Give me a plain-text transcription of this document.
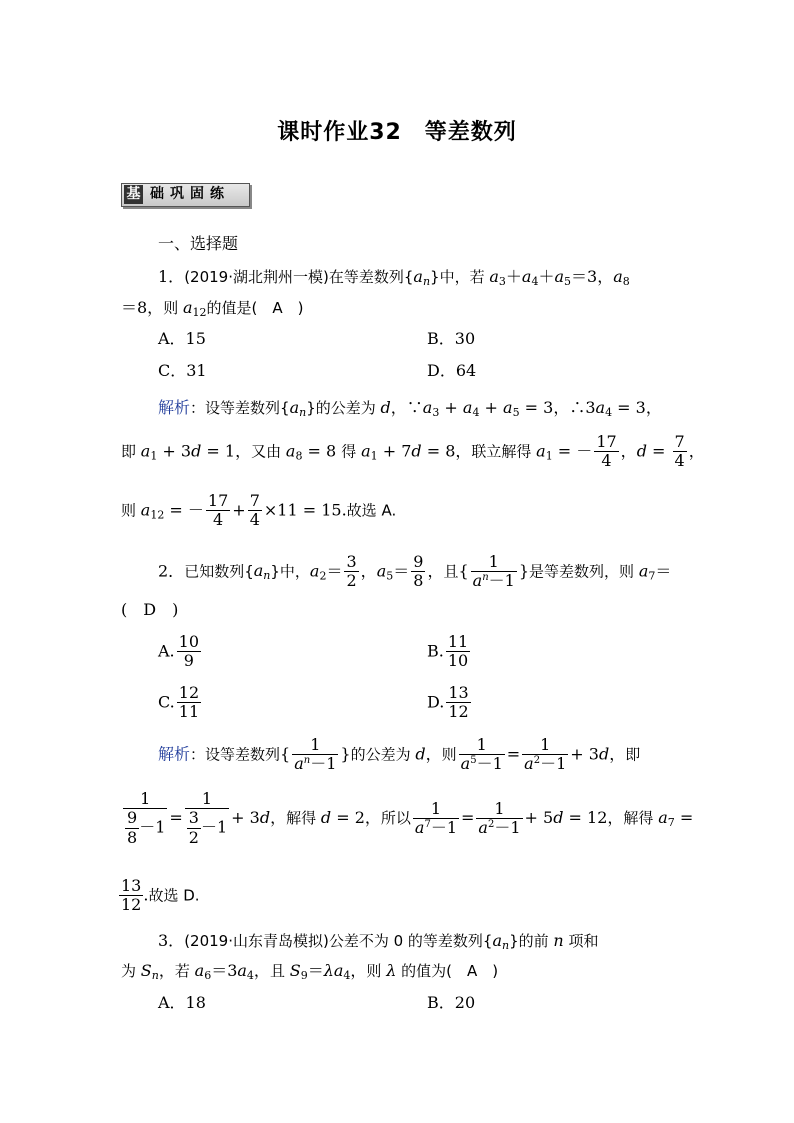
课时作业32　等差数列
基 础巩固练
一、选择题
1．(2019·湖北荆州一模)在等差数列$\{a_n\}$中，若 $a_3+a_4+a_5=3$，$a_8$
＝8，则 $a_{12}$的值是(　A　)
A．15	B．30
C．31	D．64
解析：设等差数列$\{a_n\}$的公差为 d，$\because a_3 + a_4 + a_5 = 3$，$\therefore 3a_4 = 3$，
即 $a_1 + 3d = 1$，又由 $a_8 = 8$ 得 $a_1 + 7d = 8$，联立解得 $a_1$ = － $\frac{17}{4}$ ，$d = \frac{7}{4}$ ，
则 $a_{12}$ = － $\frac{17}{4} + \frac{7}{4} \times 11 = 15$.故选 A.
2．已知数列$\{a_n\}$中，$a_2= \frac{3}{2}$ ，$a_5= \frac{9}{8}$ ，且{ $\frac{1}{a^n-1}$ }是等差数列，则 $a_7=$
(　D　)
A. $\frac{10}{9}$	B. $\frac{11}{10}$
C. $\frac{12}{11}$	D. $\frac{13}{12}$
解析：设等差数列{ $\frac{1}{a^n-1}$ }的公差为 d，则 $\frac{1}{a^5-1} = \frac{1}{a^2-1} + 3d$，即
$\frac{1}{\frac{9}{8} -1} = \frac{1}{\frac{3}{2} -1} + 3d$，解得 d = 2，所以 $\frac{1}{a^7-1} = \frac{1}{a^2-1} + 5d = 12$，解得 $a_7$ =
$\frac{13}{12}$ .故选 D.
3．(2019·山东青岛模拟)公差不为 0 的等差数列$\{a_n\}$的前 n 项和
为 $S_n$，若 $a_6=3a_4$，且 $S_9=\lambda a_4$，则 λ 的值为(　A　)
A．18	B．20
